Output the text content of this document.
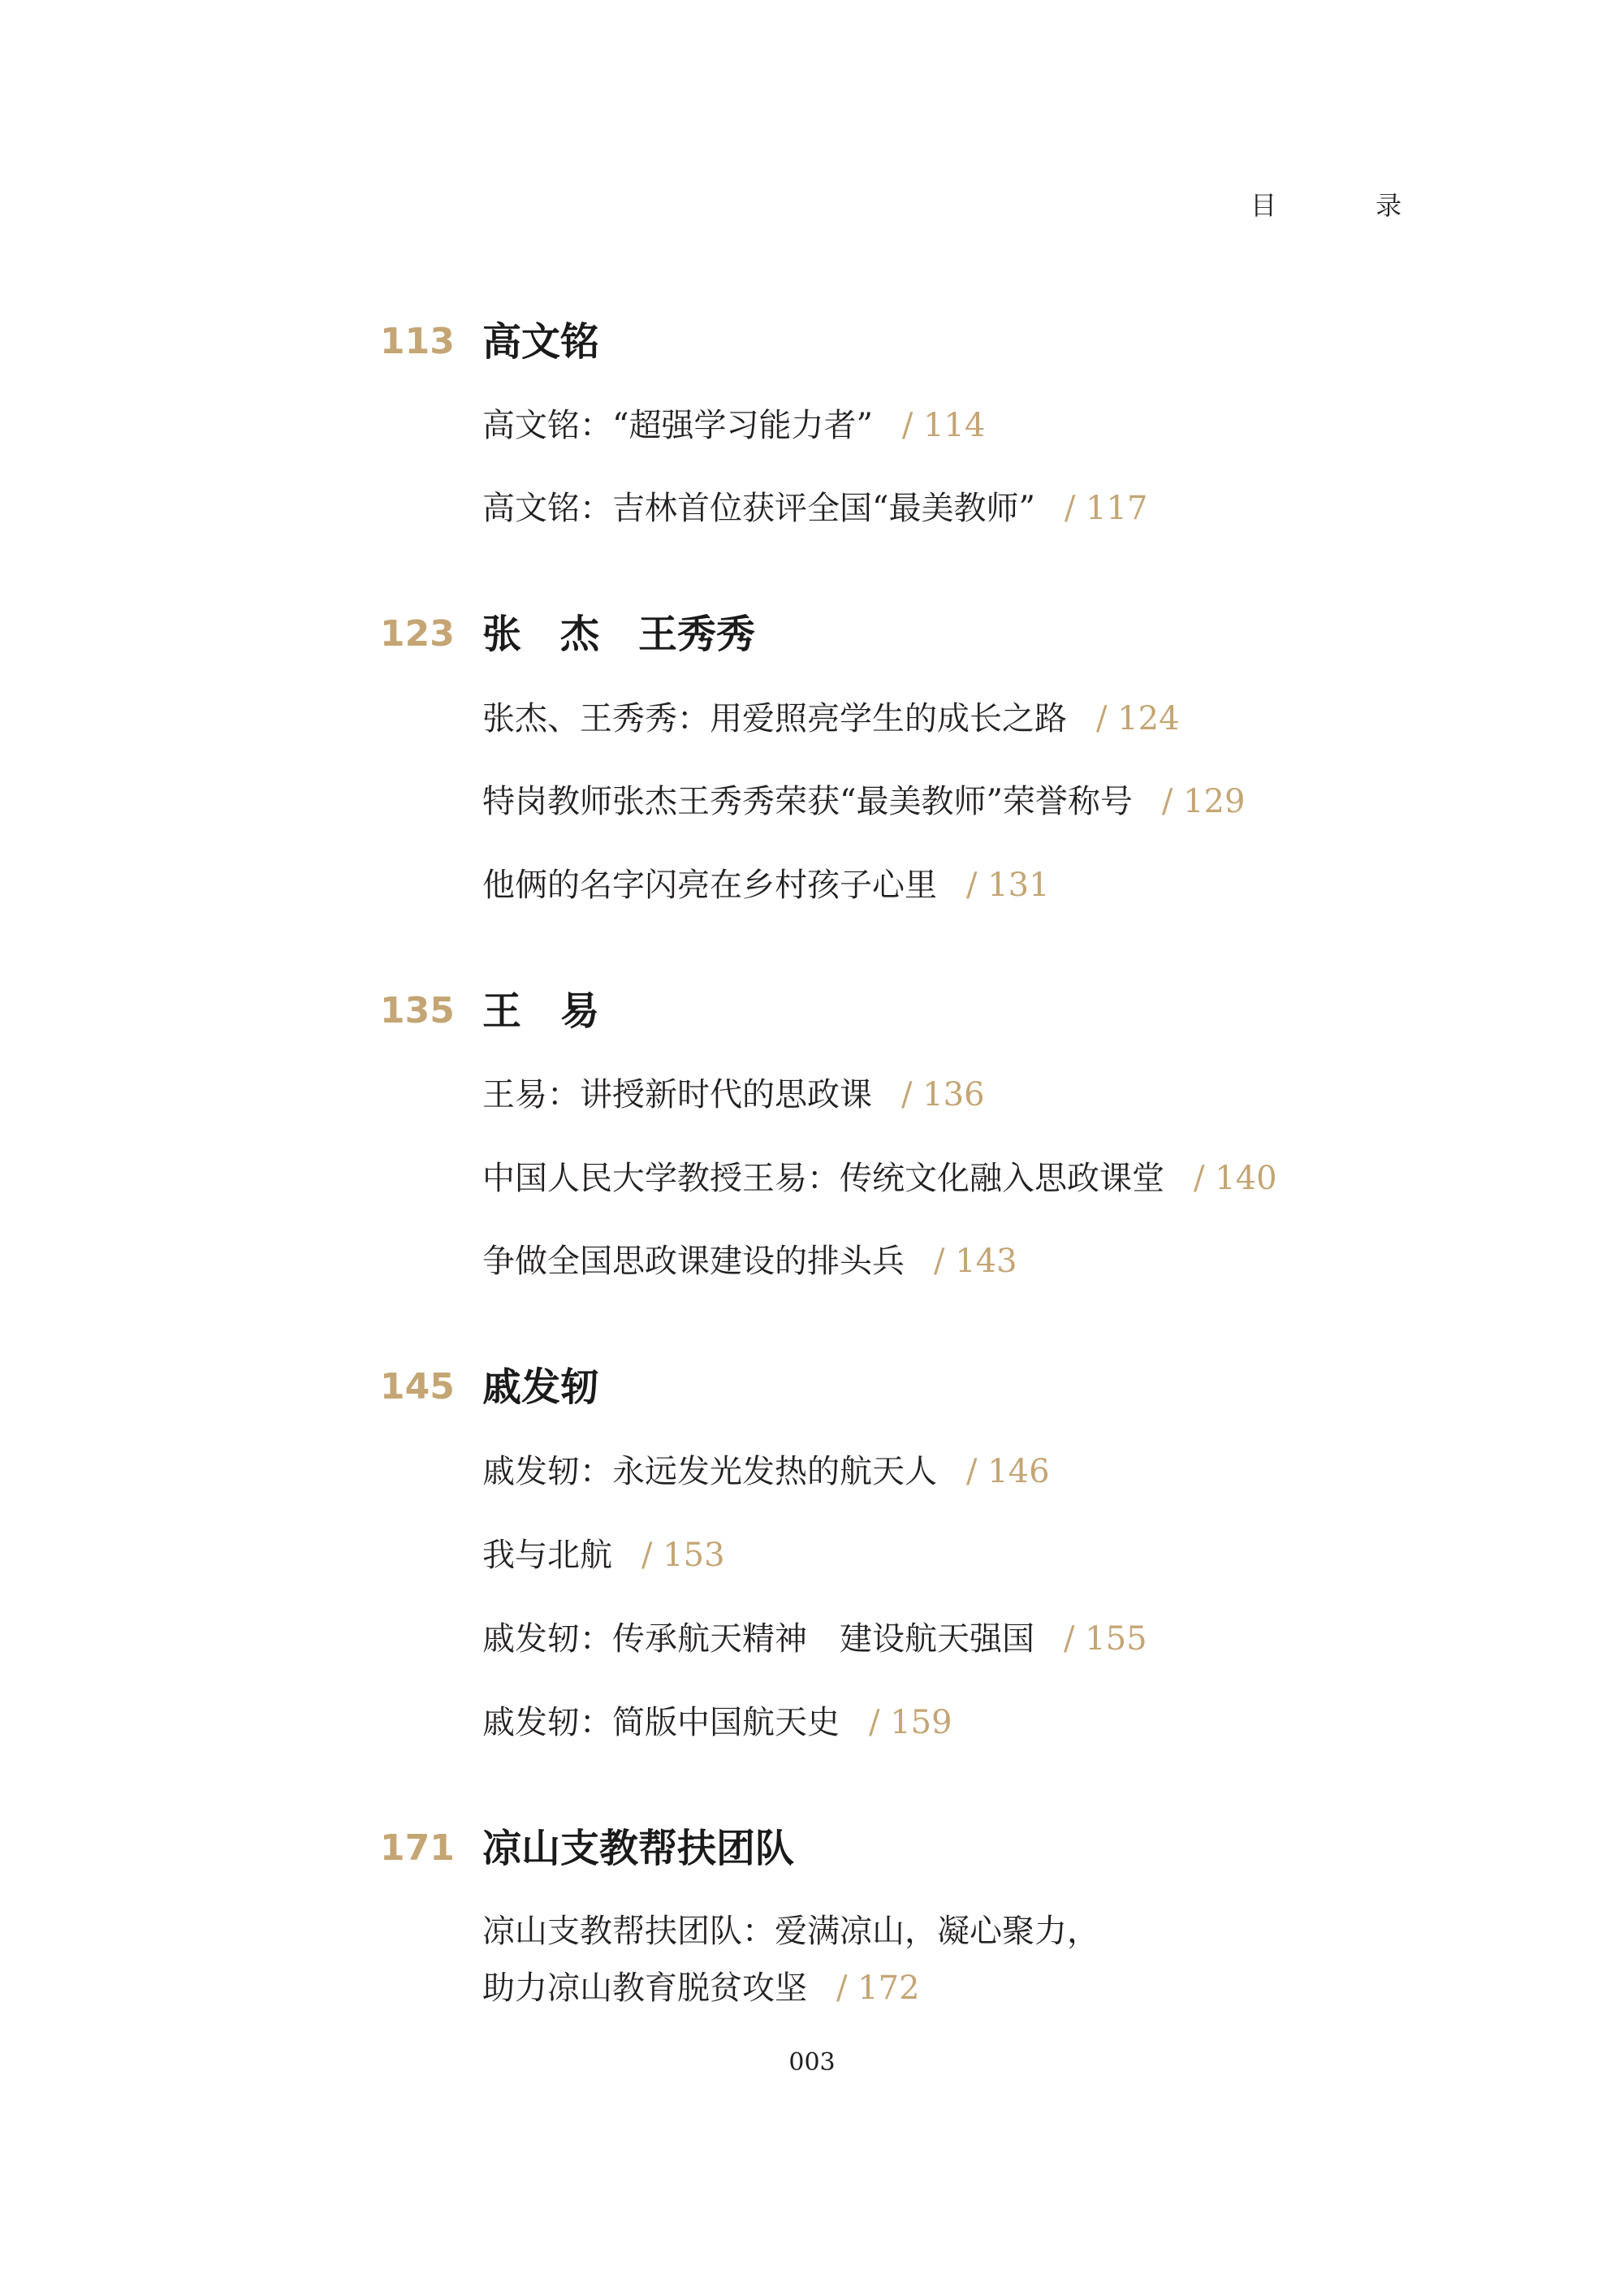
目 录
113 高文铭
高文铭：“超强学习能力者” / 114
高文铭：吉林首位获评全国“最美教师” / 117
123 张　杰　王秀秀
张杰、王秀秀：用爱照亮学生的成长之路 / 124
特岗教师张杰王秀秀荣获“最美教师”荣誉称号 / 129
他俩的名字闪亮在乡村孩子心里 / 131
135 王　易
王易：讲授新时代的思政课 / 136
中国人民大学教授王易：传统文化融入思政课堂 / 140
争做全国思政课建设的排头兵 / 143
145 戚发轫
戚发轫：永远发光发热的航天人 / 146
我与北航 / 153
戚发轫：传承航天精神　建设航天强国 / 155
戚发轫：简版中国航天史 / 159
171 凉山支教帮扶团队
凉山支教帮扶团队：爱满凉山，凝心聚力，
助力凉山教育脱贫攻坚 / 172
003
